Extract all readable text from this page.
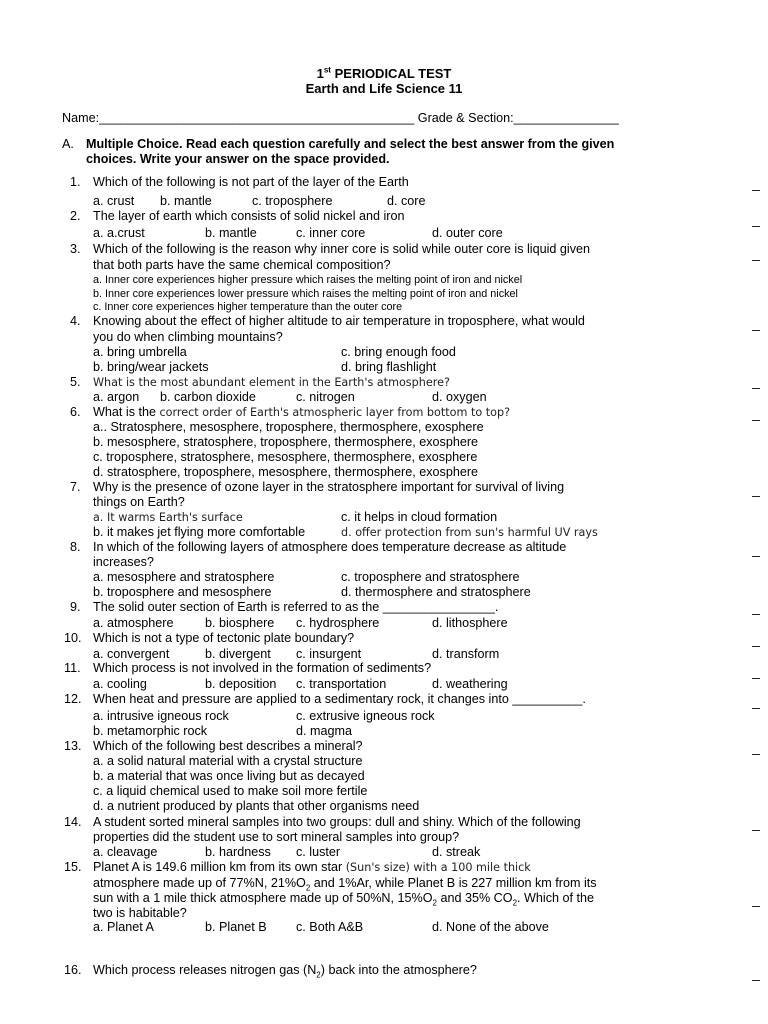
1st PERIODICAL TEST
Earth and Life Science 11
Name:_____________________________________________ Grade & Section:_______________
A. Multiple Choice. Read each question carefully and select the best answer from the given
choices. Write your answer on the space provided.
1. Which of the following is not part of the layer of the Earth
a. crust b. mantle	c. troposphere	d. core
2. The layer of earth which consists of solid nickel and iron
a. a.crust	b. mantle	c. inner core	d. outer core
3. Which of the following is the reason why inner core is solid while outer core is liquid given
that both parts have the same chemical composition?
a. Inner core experiences higher pressure which raises the melting point of iron and nickel
b. Inner core experiences lower pressure which raises the melting point of iron and nickel
c. Inner core experiences higher temperature than the outer core
4. Knowing about the effect of higher altitude to air temperature in troposphere, what would
you do when climbing mountains?
a. bring umbrella	c. bring enough food
b. bring/wear jackets	d. bring flashlight
5. What is the most abundant element in the Earth's atmosphere?
a. argon b. carbon dioxide	c. nitrogen	d. oxygen
6. What is the correct order of Earth's atmospheric layer from bottom to top?
a.. Stratosphere, mesosphere, troposphere, thermosphere, exosphere
b. mesosphere, stratosphere, troposphere, thermosphere, exosphere
c. troposphere, stratosphere, mesosphere, thermosphere, exosphere
d. stratosphere, troposphere, mesosphere, thermosphere, exosphere
7. Why is the presence of ozone layer in the stratosphere important for survival of living
things on Earth?
a. It warms Earth's surface	c. it helps in cloud formation
b. it makes jet flying more comfortable	d. offer protection from sun's harmful UV rays
8. In which of the following layers of atmosphere does temperature decrease as altitude
increases?
a. mesosphere and stratosphere	c. troposphere and stratosphere
b. troposphere and mesosphere	d. thermosphere and stratosphere
9. The solid outer section of Earth is referred to as the ________________.
a. atmosphere b. biosphere c. hydrosphere	d. lithosphere
10. Which is not a type of tectonic plate boundary?
a. convergent	b. divergent c. insurgent	d. transform
11. Which process is not involved in the formation of sediments?
a. cooling	b. deposition c. transportation	d. weathering
12. When heat and pressure are applied to a sedimentary rock, it changes into __________.
a. intrusive igneous rock	c. extrusive igneous rock
b. metamorphic rock	d. magma
13. Which of the following best describes a mineral?
a. a solid natural material with a crystal structure
b. a material that was once living but as decayed
c. a liquid chemical used to make soil more fertile
d. a nutrient produced by plants that other organisms need
14. A student sorted mineral samples into two groups: dull and shiny. Which of the following
properties did the student use to sort mineral samples into group?
a. cleavage	b. hardness c. luster	d. streak
15. Planet A is 149.6 million km from its own star (Sun's size) with a 100 mile thick
atmosphere made up of 77%N, $21\%O_2$ and 1%Ar, while Planet B is 227 million km from its
sun with a 1 mile thick atmosphere made up of 50%N, $15\%O_2$ and 35% $CO_2$. Which of the
two is habitable?
a. Planet A	b. Planet B c. Both A&B	d. None of the above
16. Which process releases nitrogen gas $(N_2)$ back into the atmosphere?
